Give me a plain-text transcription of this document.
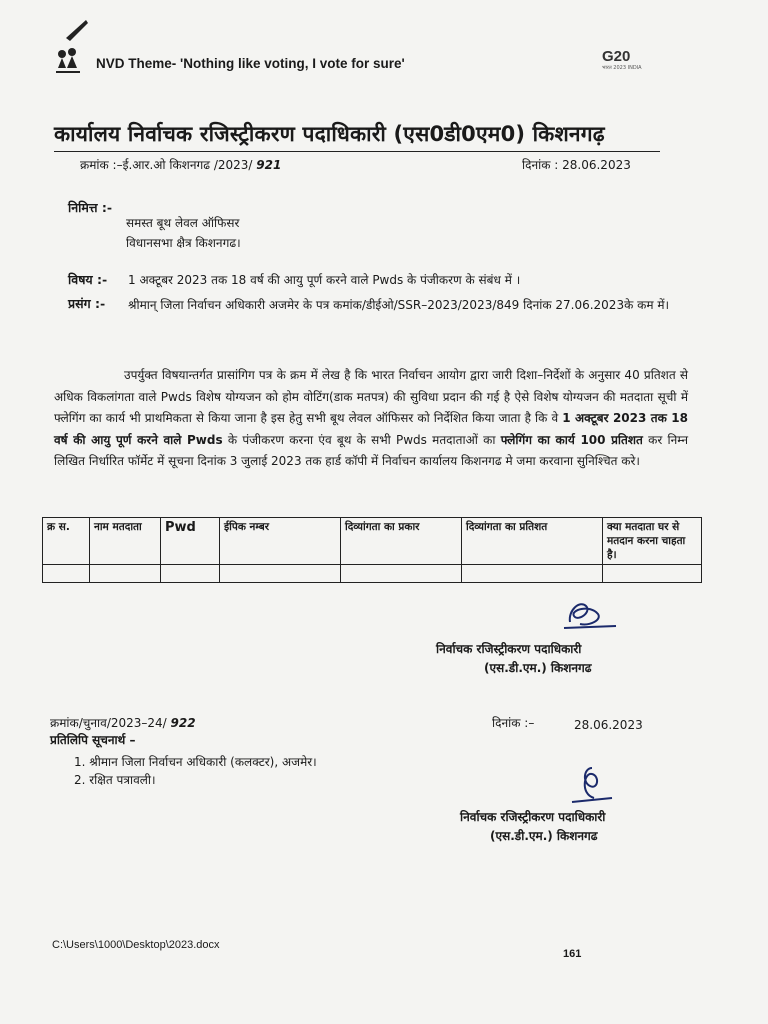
NVD Theme- 'Nothing like voting, I vote for sure'	G20
भारत 2023 INDIA
कार्यालय निर्वाचक रजिस्ट्रीकरण पदाधिकारी (एस0डी0एम0) किशनगढ़
क्रमांक :–ई.आर.ओ किशनगढ /2023/ 921	दिनांक : 28.06.2023
निमित्त :-
समस्त बूथ लेवल ऑफिसर
विधानसभा क्षैत्र किशनगढ।
विषय :- 1 अक्टूबर 2023 तक 18 वर्ष की आयु पूर्ण करने वाले Pwds के पंजीकरण के संबंध में ।
प्रसंग :- श्रीमान् जिला निर्वाचन अधिकारी अजमेर के पत्र कमांक/डीईओ/SSR–2023/2023/849 दिनांक 27.06.2023के कम में।
उपर्युक्त विषयान्तर्गत प्रासांगिग पत्र के क्रम में लेख है कि भारत निर्वाचन आयोग द्वारा जारी दिशा–निर्देशों के अनुसार 40 प्रतिशत से अधिक विकलांगता वाले Pwds विशेष योग्यजन को होम वोटिंग(डाक मतपत्र) की सुविधा प्रदान की गई है ऐसे विशेष योग्यजन की मतदाता सूची में फ्लेगिंग का कार्य भी प्राथमिकता से किया जाना है इस हेतु सभी बूथ लेवल ऑफिसर को निर्देशित किया जाता है कि वे 1 अक्टूबर 2023 तक 18 वर्ष की आयु पूर्ण करने वाले Pwds के पंजीकरण करना एंव बूथ के सभी Pwds मतदाताओं का फ्लेगिंग का कार्य 100 प्रतिशत कर निम्न लिखित निर्धारित फॉर्मेट में सूचना दिनांक 3 जुलाई 2023 तक हार्ड कॉपी में निर्वाचन कार्यालय किशनगढ मे जमा करवाना सुनिश्चित करे।
क्र स.	नाम मतदाता	Pwd	ईपिक नम्बर	दिव्यांगता का प्रकार	दिव्यांगता का प्रतिशत	क्या मतदाता घर से मतदान करना चाहता है।

निर्वाचक रजिस्ट्रीकरण पदाधिकारी
(एस.डी.एम.) किशनगढ
क्रमांक/चुनाव/2023–24/ 922	दिनांक :–	28.06.2023
प्रतिलिपि सूचनार्थ –
1. श्रीमान जिला निर्वाचन अधिकारी (कलक्टर), अजमेर।
2. रक्षित पत्रावली।
निर्वाचक रजिस्ट्रीकरण पदाधिकारी
(एस.डी.एम.) किशनगढ
C:\Users\1000\Desktop\2023.docx
161
